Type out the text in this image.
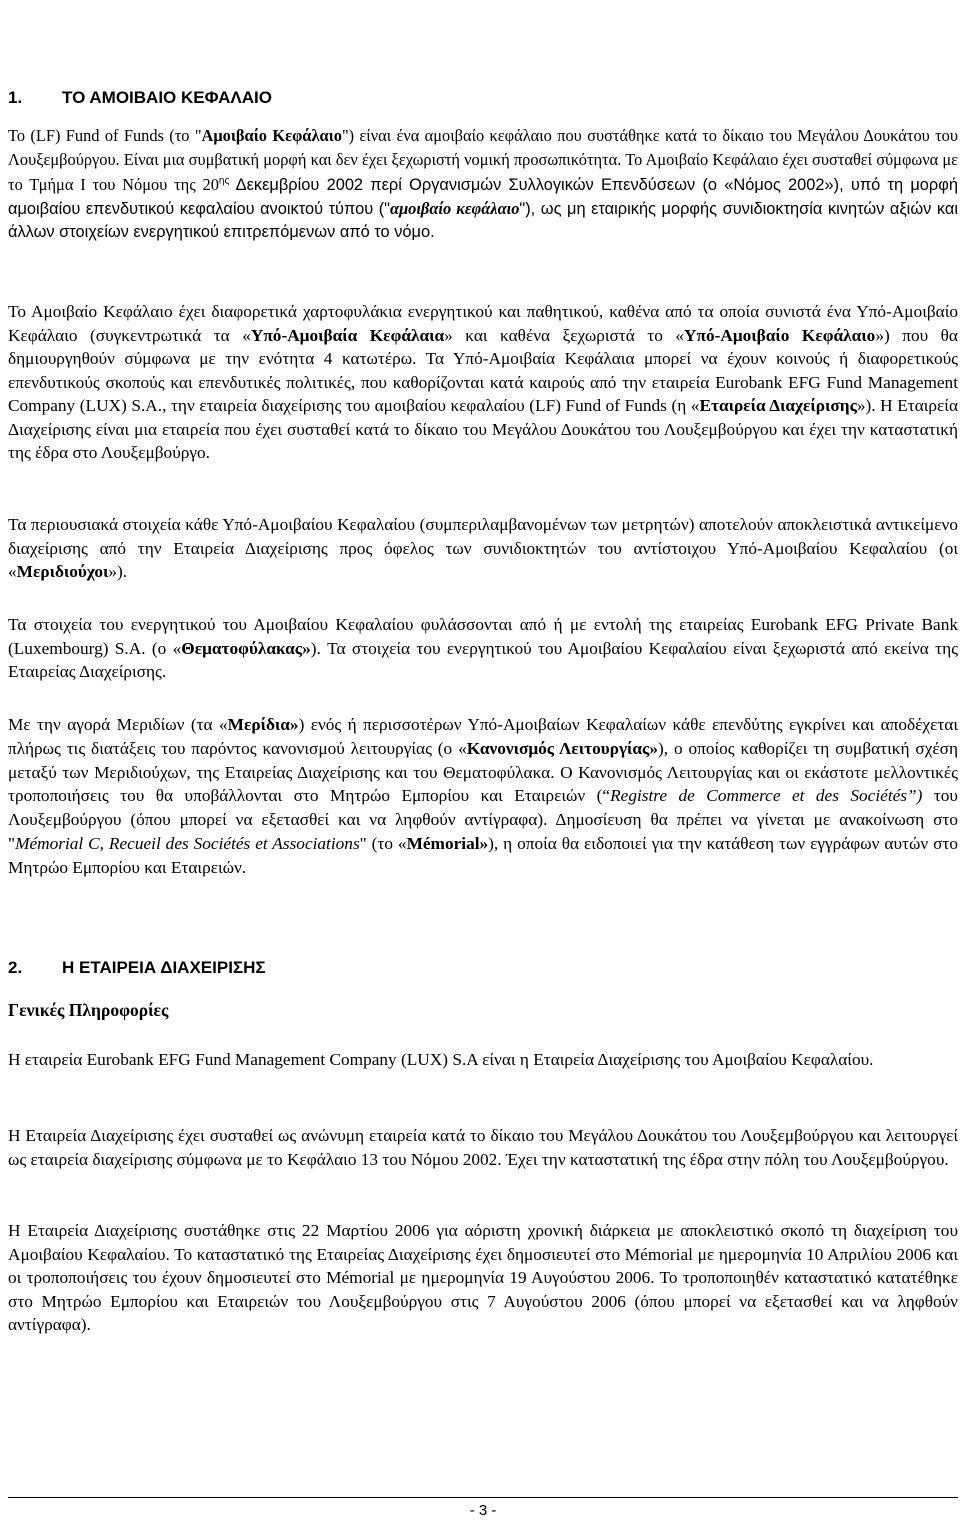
1. ΤΟ ΑΜΟΙΒΑΙΟ ΚΕΦΑΛΑΙΟ

Το (LF) Fund of Funds (το "Αμοιβαίο Κεφάλαιο") είναι ένα αμοιβαίο κεφάλαιο που συστάθηκε κατά το δίκαιο του Μεγάλου Δουκάτου του Λουξεμβούργου. Είναι μια συμβατική μορφή και δεν έχει ξεχωριστή νομική προσωπικότητα. Το Αμοιβαίο Κεφάλαιο έχει συσταθεί σύμφωνα με το Τμήμα Ι του Νόμου της $20^{\eta\varsigma}$ Δεκεμβρίου 2002 περί Οργανισμών Συλλογικών Επενδύσεων (ο «Νόμος 2002»), υπό τη μορφή αμοιβαίου επενδυτικού κεφαλαίου ανοικτού τύπου ("αμοιβαίο κεφάλαιο"), ως μη εταιρικής μορφής συνιδιοκτησία κινητών αξιών και άλλων στοιχείων ενεργητικού επιτρεπόμενων από το νόμο.

Το Αμοιβαίο Κεφάλαιο έχει διαφορετικά χαρτοφυλάκια ενεργητικού και παθητικού, καθένα από τα οποία συνιστά ένα Υπό-Αμοιβαίο Κεφάλαιο (συγκεντρωτικά τα «Υπό-Αμοιβαία Κεφάλαια» και καθένα ξεχωριστά το «Υπό-Αμοιβαίο Κεφάλαιο») που θα δημιουργηθούν σύμφωνα με την ενότητα 4 κατωτέρω. Τα Υπό-Αμοιβαία Κεφάλαια μπορεί να έχουν κοινούς ή διαφορετικούς επενδυτικούς σκοπούς και επενδυτικές πολιτικές, που καθορίζονται κατά καιρούς από την εταιρεία Eurobank EFG Fund Management Company (LUX) S.A., την εταιρεία διαχείρισης του αμοιβαίου κεφαλαίου (LF) Fund of Funds (η «Εταιρεία Διαχείρισης»). Η Εταιρεία Διαχείρισης είναι μια εταιρεία που έχει συσταθεί κατά το δίκαιο του Μεγάλου Δουκάτου του Λουξεμβούργου και έχει την καταστατική της έδρα στο Λουξεμβούργο.

Τα περιουσιακά στοιχεία κάθε Υπό-Αμοιβαίου Κεφαλαίου (συμπεριλαμβανομένων των μετρητών) αποτελούν αποκλειστικά αντικείμενο διαχείρισης από την Εταιρεία Διαχείρισης προς όφελος των συνιδιοκτητών του αντίστοιχου Υπό-Αμοιβαίου Κεφαλαίου (οι «Μεριδιούχοι»).

Τα στοιχεία του ενεργητικού του Αμοιβαίου Κεφαλαίου φυλάσσονται από ή με εντολή της εταιρείας Eurobank EFG Private Bank (Luxembourg) S.A. (ο «Θεματοφύλακας»). Τα στοιχεία του ενεργητικού του Αμοιβαίου Κεφαλαίου είναι ξεχωριστά από εκείνα της Εταιρείας Διαχείρισης.

Με την αγορά Μεριδίων (τα «Μερίδια») ενός ή περισσοτέρων Υπό-Αμοιβαίων Κεφαλαίων κάθε επενδύτης εγκρίνει και αποδέχεται πλήρως τις διατάξεις του παρόντος κανονισμού λειτουργίας (ο «Κανονισμός Λειτουργίας»), ο οποίος καθορίζει τη συμβατική σχέση μεταξύ των Μεριδιούχων, της Εταιρείας Διαχείρισης και του Θεματοφύλακα. Ο Κανονισμός Λειτουργίας και οι εκάστοτε μελλοντικές τροποποιήσεις του θα υποβάλλονται στο Μητρώο Εμπορίου και Εταιρειών (“Registre de Commerce et des Sociétés”) του Λουξεμβούργου (όπου μπορεί να εξετασθεί και να ληφθούν αντίγραφα). Δημοσίευση θα πρέπει να γίνεται με ανακοίνωση στο "Mémorial C, Recueil des Sociétés et Associations" (το «Mémorial»), η οποία θα ειδοποιεί για την κατάθεση των εγγράφων αυτών στο Μητρώο Εμπορίου και Εταιρειών.

2. Η ΕΤΑΙΡΕΙΑ ΔΙΑΧΕΙΡΙΣΗΣ
Γενικές Πληροφορίες

Η εταιρεία Eurobank EFG Fund Management Company (LUX) S.A είναι η Εταιρεία Διαχείρισης του Αμοιβαίου Κεφαλαίου.

Η Εταιρεία Διαχείρισης έχει συσταθεί ως ανώνυμη εταιρεία κατά το δίκαιο του Μεγάλου Δουκάτου του Λουξεμβούργου και λειτουργεί ως εταιρεία διαχείρισης σύμφωνα με το Κεφάλαιο 13 του Νόμου 2002. Έχει την καταστατική της έδρα στην πόλη του Λουξεμβούργου.

Η Εταιρεία Διαχείρισης συστάθηκε στις 22 Μαρτίου 2006 για αόριστη χρονική διάρκεια με αποκλειστικό σκοπό τη διαχείριση του Αμοιβαίου Κεφαλαίου. Το καταστατικό της Εταιρείας Διαχείρισης έχει δημοσιευτεί στο Mémorial με ημερομηνία 10 Απριλίου 2006 και οι τροποποιήσεις του έχουν δημοσιευτεί στο Mémorial με ημερομηνία 19 Αυγούστου 2006. Το τροποποιηθέν καταστατικό κατατέθηκε στο Μητρώο Εμπορίου και Εταιρειών του Λουξεμβούργου στις 7 Αυγούστου 2006 (όπου μπορεί να εξετασθεί και να ληφθούν αντίγραφα).

- 3 -
